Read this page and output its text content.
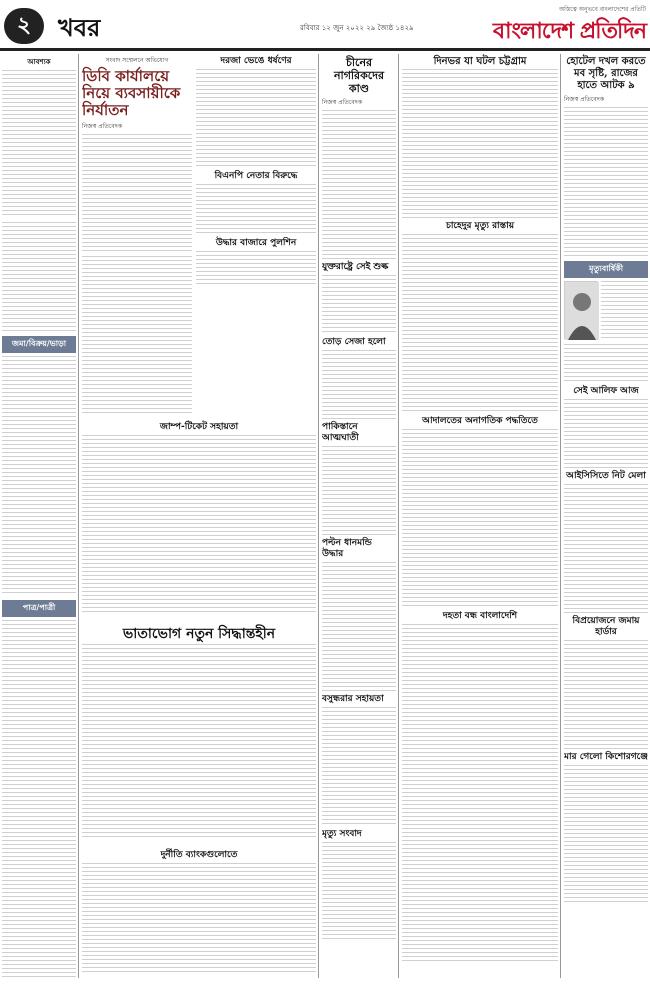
২	খবর	রবিবার ১২ জুন ২০২২ ২৯ জ্যৈষ্ঠ ১৪২৯
অস্তিত্বে অনুভবে বাংলাদেশের প্রতিটি
বাংলাদেশ প্রতিদিন
আবশ্যক
জমা/বিক্রয়/ভাড়া
পাত্র/পাত্রী
সংবাদ সম্মেলনে অভিযোগ
ডিবি কার্যালয়ে নিয়ে ব্যবসায়ীকে নির্যাতন
নিজস্ব প্রতিবেদক
দরজা ভেঙে ধর্ষণের
বিএনপি নেতার বিরুদ্ধে
উদ্ধার বাজারে পুলশিন
জাম্প-টিকেট সহায়তা
ভাতাভোগ নতুন সিদ্ধান্তহীন
দুর্নীতি ব্যাংকগুলোতে
চীনের নাগরিকদের কাণ্ড
নিজস্ব প্রতিবেদক
যুক্তরাষ্ট্রে সেই শুল্ক
তোড় সেজা হলো
পাকিস্তানে আত্মঘাতী
পল্টন ধানমন্ডি উদ্ধার
বসুন্ধরার সহায়তা
মৃত্যু সংবাদ
দিনভর যা ঘটল চট্টগ্রাম
চাহেদুর মৃত্যু রাস্তায়
আদালতের অনাগতিক পদ্ধতিতে
দহতা বন্ধ বাংলাদেশি
হোটেল দখল করতে মব সৃষ্টি, রাজের হাতে আটক ৯
নিজস্ব প্রতিবেদক
মৃত্যুবার্ষিকী
সেই আলিফ আজ
আইসিসিতে নিট মেলা
বিপ্রয়োজনে জমায় হার্ডার
মার গেলো কিশোরগঞ্জে
